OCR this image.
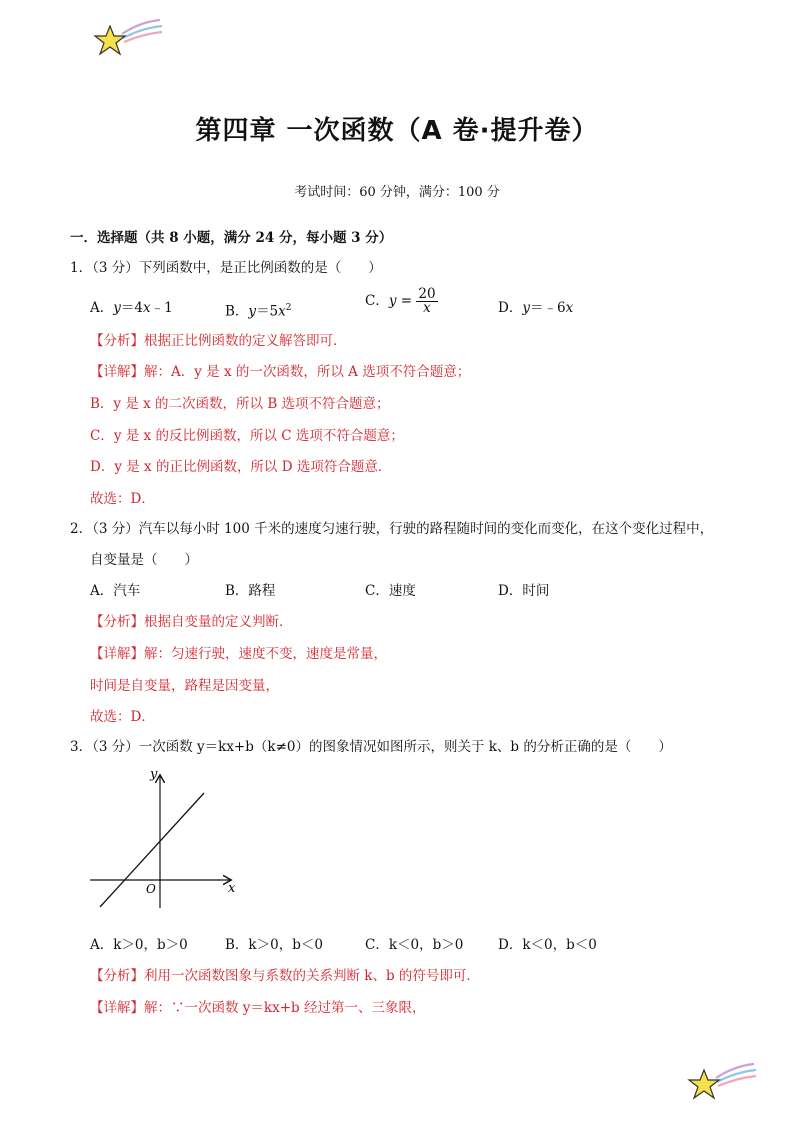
第四章 一次函数（A 卷·提升卷）
考试时间：60 分钟，满分：100 分
一．选择题（共 8 小题，满分 24 分，每小题 3 分）
1．（3 分）下列函数中，是正比例函数的是（　　）
A．y＝4x﹣1	B．$y=5x^2$	C．$y = \frac{20}{x}$	D．y＝﹣6x
【分析】根据正比例函数的定义解答即可．
【详解】解：A．y 是 x 的一次函数，所以 A 选项不符合题意；
B．y 是 x 的二次函数，所以 B 选项不符合题意；
C．y 是 x 的反比例函数，所以 C 选项不符合题意；
D．y 是 x 的正比例函数，所以 D 选项符合题意．
故选：D．
2．（3 分）汽车以每小时 100 千米的速度匀速行驶，行驶的路程随时间的变化而变化，在这个变化过程中，
自变量是（　　）
A．汽车	B．路程	C．速度	D．时间
【分析】根据自变量的定义判断．
【详解】解：匀速行驶，速度不变，速度是常量，
时间是自变量，路程是因变量，
故选：D．
3．（3 分）一次函数 y＝kx+b（k≠0）的图象情况如图所示，则关于 k、b 的分析正确的是（　　）
y
x
O
A．k＞0，b＞0	B．k＞0，b＜0	C．k＜0，b＞0	D．k＜0，b＜0
【分析】利用一次函数图象与系数的关系判断 k、b 的符号即可．
【详解】解：∵一次函数 y＝kx+b 经过第一、三象限，
